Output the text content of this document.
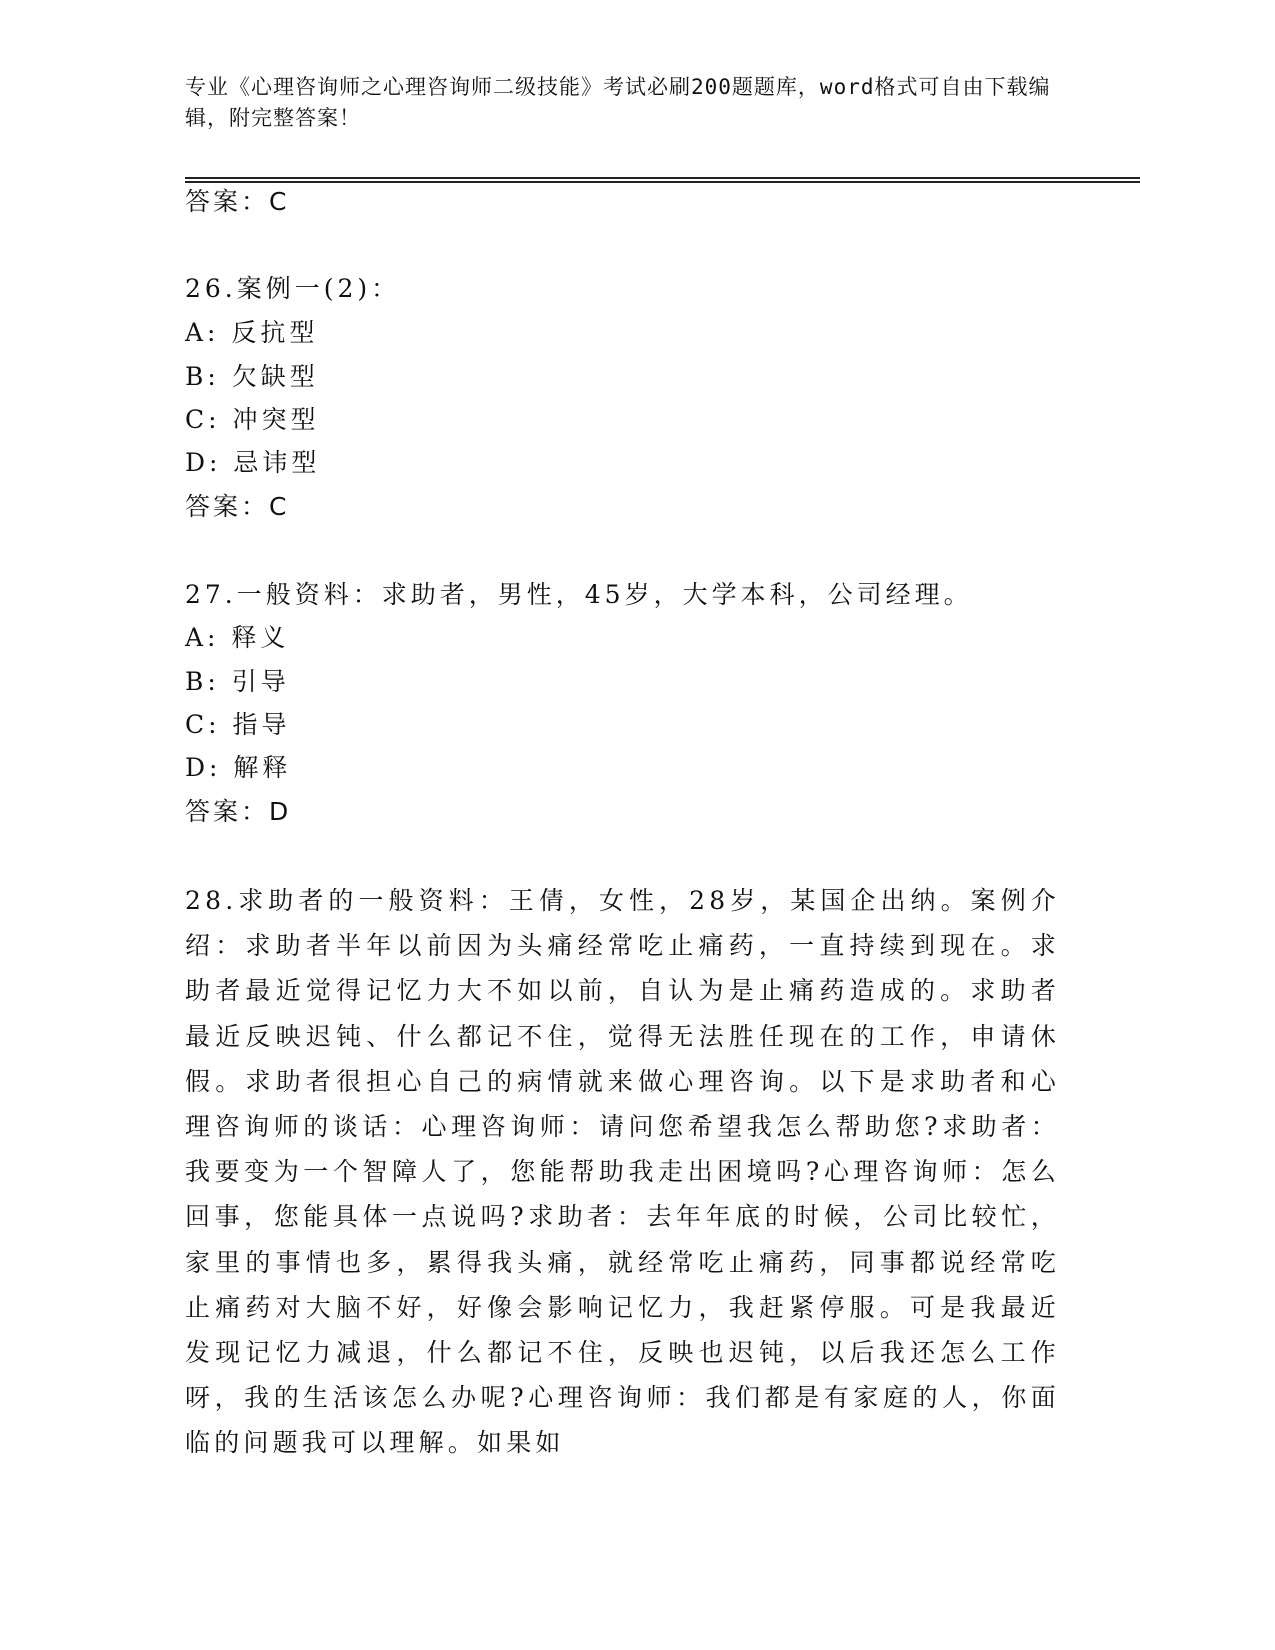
专业《心理咨询师之心理咨询师二级技能》考试必刷200题题库，word格式可自由下载编辑，附完整答案！
答案：C
26.案例一(2)：
A: 反抗型
B: 欠缺型
C: 冲突型
D: 忌讳型
答案：C
27.一般资料：求助者，男性，45岁，大学本科，公司经理。
A: 释义
B: 引导
C: 指导
D: 解释
答案：D
28.求助者的一般资料：王倩，女性，28岁，某国企出纳。案例介绍：求助者半年以前因为头痛经常吃止痛药，一直持续到现在。求助者最近觉得记忆力大不如以前，自认为是止痛药造成的。求助者最近反映迟钝、什么都记不住，觉得无法胜任现在的工作，申请休假。求助者很担心自己的病情就来做心理咨询。以下是求助者和心理咨询师的谈话：心理咨询师：请问您希望我怎么帮助您?求助者：我要变为一个智障人了，您能帮助我走出困境吗?心理咨询师：怎么回事，您能具体一点说吗?求助者：去年年底的时候，公司比较忙，家里的事情也多，累得我头痛，就经常吃止痛药，同事都说经常吃止痛药对大脑不好，好像会影响记忆力，我赶紧停服。可是我最近发现记忆力减退，什么都记不住，反映也迟钝，以后我还怎么工作呀，我的生活该怎么办呢?心理咨询师：我们都是有家庭的人，你面临的问题我可以理解。如果如
